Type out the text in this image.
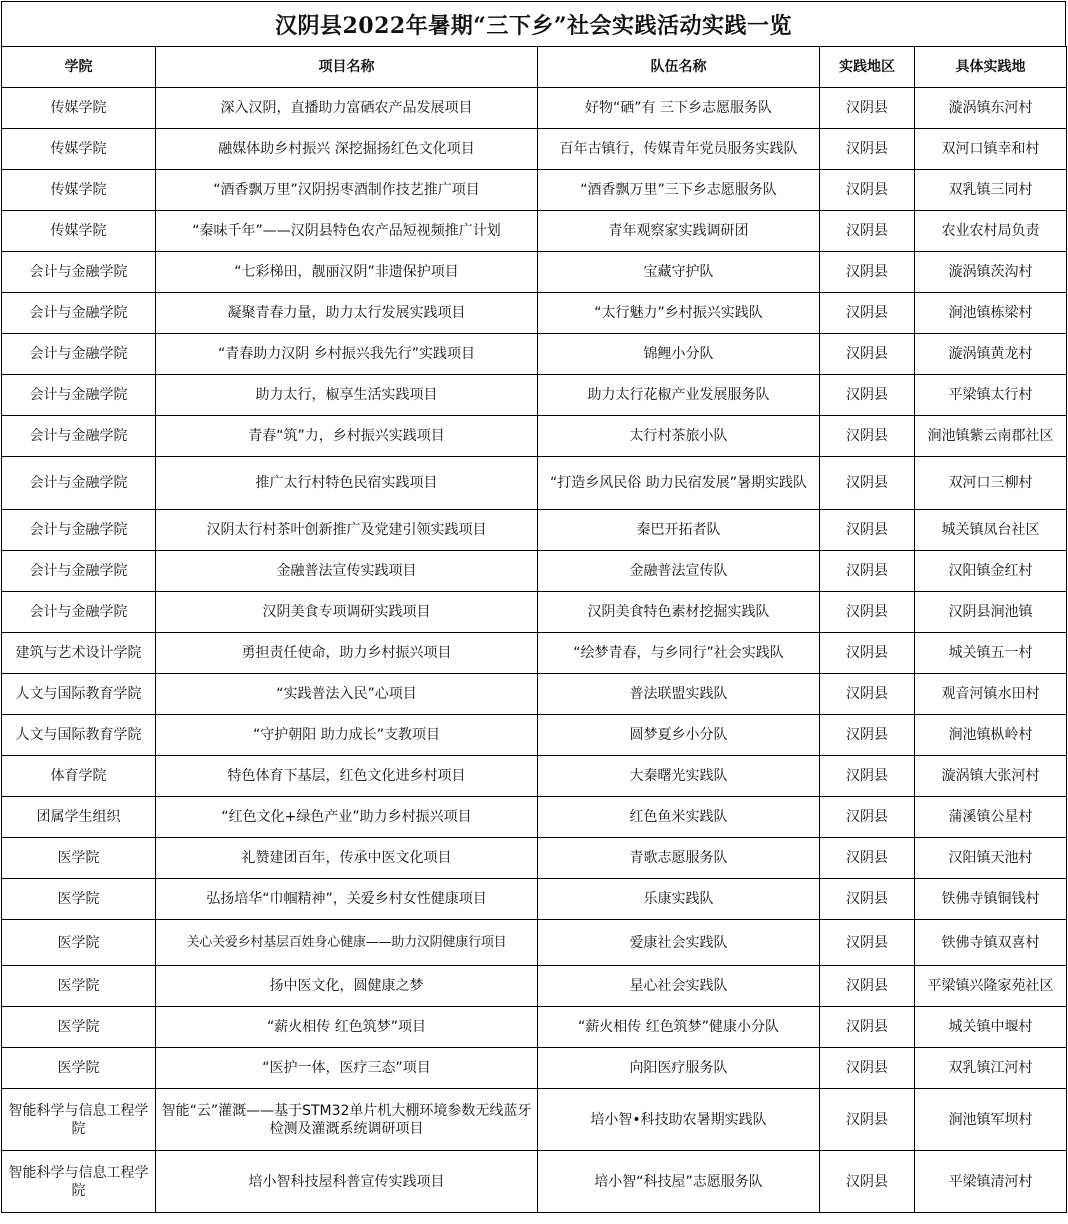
汉阴县2022年暑期“三下乡”社会实践活动实践一览
学院	项目名称	队伍名称	实践地区	具体实践地
传媒学院	深入汉阴，直播助力富硒农产品发展项目	好物“硒”有 三下乡志愿服务队	汉阴县	漩涡镇东河村
传媒学院	融媒体助乡村振兴 深挖掘扬红色文化项目	百年古镇行，传媒青年党员服务实践队	汉阴县	双河口镇幸和村
传媒学院	“酒香飘万里”汉阴拐枣酒制作技艺推广项目	“酒香飘万里”三下乡志愿服务队	汉阴县	双乳镇三同村
传媒学院	“秦味千年”——汉阴县特色农产品短视频推广计划	青年观察家实践调研团	汉阴县	农业农村局负责
会计与金融学院	“七彩梯田，靓丽汉阴”非遗保护项目	宝藏守护队	汉阴县	漩涡镇茨沟村
会计与金融学院	凝聚青春力量，助力太行发展实践项目	“太行魅力”乡村振兴实践队	汉阴县	涧池镇栋梁村
会计与金融学院	“青春助力汉阴 乡村振兴我先行”实践项目	锦鲤小分队	汉阴县	漩涡镇黄龙村
会计与金融学院	助力太行，椒享生活实践项目	助力太行花椒产业发展服务队	汉阴县	平梁镇太行村
会计与金融学院	青春“筑”力，乡村振兴实践项目	太行村茶旅小队	汉阴县	涧池镇紫云南郡社区
会计与金融学院	推广太行村特色民宿实践项目	“打造乡风民俗 助力民宿发展”暑期实践队	汉阴县	双河口三柳村
会计与金融学院	汉阴太行村茶叶创新推广及党建引领实践项目	秦巴开拓者队	汉阴县	城关镇凤台社区
会计与金融学院	金融普法宣传实践项目	金融普法宣传队	汉阴县	汉阳镇金红村
会计与金融学院	汉阴美食专项调研实践项目	汉阴美食特色素材挖掘实践队	汉阴县	汉阴县涧池镇
建筑与艺术设计学院	勇担责任使命，助力乡村振兴项目	“绘梦青春，与乡同行”社会实践队	汉阴县	城关镇五一村
人文与国际教育学院	“实践普法入民”心项目	普法联盟实践队	汉阴县	观音河镇水田村
人文与国际教育学院	“守护朝阳 助力成长”支教项目	圆梦夏乡小分队	汉阴县	涧池镇枞岭村
体育学院	特色体育下基层，红色文化进乡村项目	大秦曙光实践队	汉阴县	漩涡镇大张河村
团属学生组织	“红色文化+绿色产业”助力乡村振兴项目	红色鱼米实践队	汉阴县	蒲溪镇公星村
医学院	礼赞建团百年，传承中医文化项目	青歌志愿服务队	汉阴县	汉阳镇天池村
医学院	弘扬培华“巾帼精神”，关爱乡村女性健康项目	乐康实践队	汉阴县	铁佛寺镇铜钱村
医学院	关心关爱乡村基层百姓身心健康——助力汉阴健康行项目	爱康社会实践队	汉阴县	铁佛寺镇双喜村
医学院	扬中医文化，圆健康之梦	星心社会实践队	汉阴县	平梁镇兴隆家苑社区
医学院	“薪火相传 红色筑梦”项目	“薪火相传 红色筑梦”健康小分队	汉阴县	城关镇中堰村
医学院	“医护一体，医疗三态”项目	向阳医疗服务队	汉阴县	双乳镇江河村
智能科学与信息工程学院	智能“云”灌溉——基于STM32单片机大棚环境参数无线蓝牙检测及灌溉系统调研项目	培小智•科技助农暑期实践队	汉阴县	涧池镇军坝村
智能科学与信息工程学院	培小智科技屋科普宣传实践项目	培小智“科技屋”志愿服务队	汉阴县	平梁镇清河村
